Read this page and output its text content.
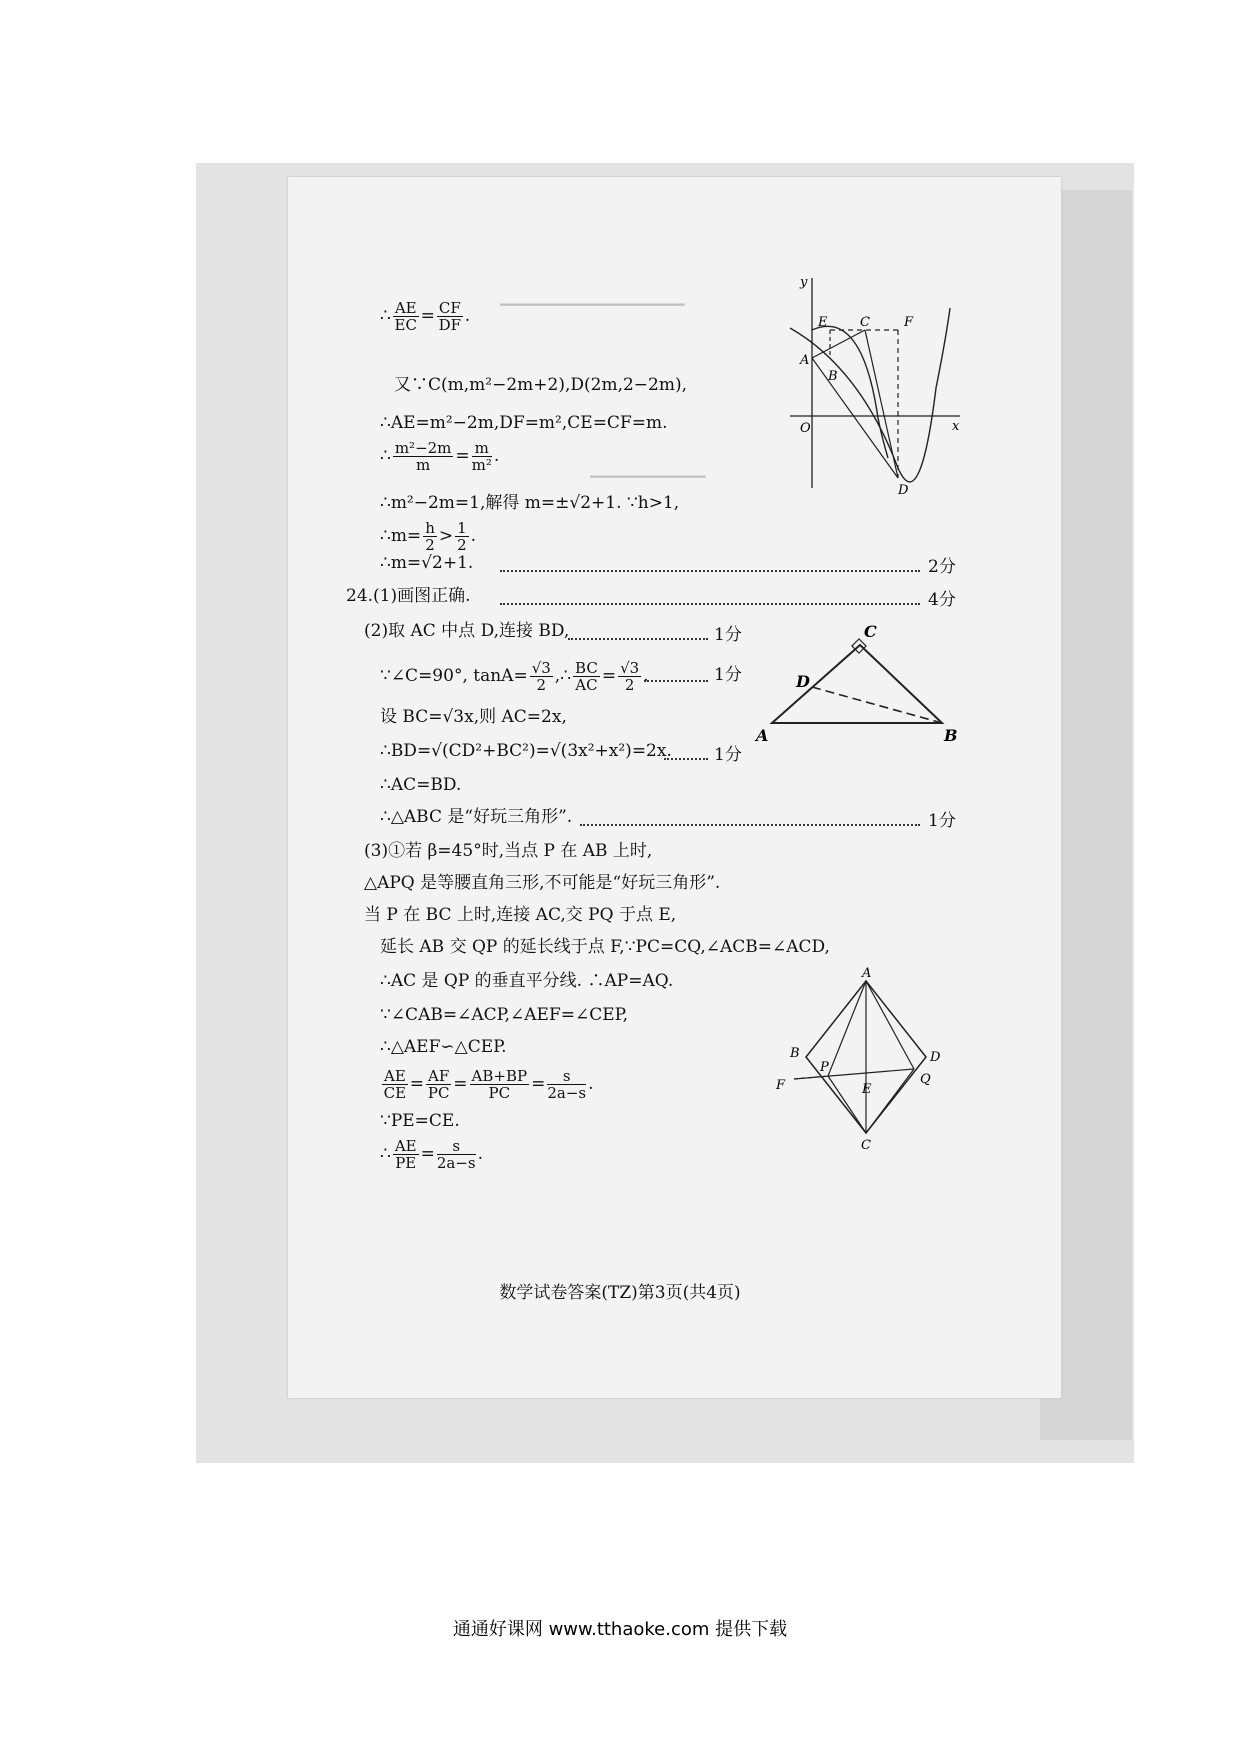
▁▁▁▁▁▁▁▁▁▁▁▁▁▁▁▁
▁▁▁▁▁▁▁▁▁▁
∴ $\frac{AE}{EC} = \frac{CF}{DF}$ .
又∵C(m,m²−2m+2),D(2m,2−2m),
∴AE=m²−2m,DF=m²,CE=CF=m.
∴ $\frac{\text{m²−2m}}{m} = \frac{m}{\text{m²}}$ .
∴m²−2m=1,解得 m=±√2+1. ∵h>1,
∴m= $\frac{h}{2} > \frac{1}{2}$ .
∴m=√2+1.	2分
24.(1)画图正确.	4分
(2)取 AC 中点 D,连接 BD,	1分
∵∠C=90°, $\tan A= \frac{√3}{2}$ ,∴ $\frac{BC}{AC} = \frac{√3}{2}$ .	1分
设 BC=√3x,则 AC=2x,
∴BD=√(CD²+BC²)=√(3x²+x²)=2x. 1分
∴AC=BD.
∴△ABC 是“好玩三角形”.	1分
(3)①若 β=45°时,当点 P 在 AB 上时,
△APQ 是等腰直角三形,不可能是“好玩三角形”.
当 P 在 BC 上时,连接 AC,交 PQ 于点 E,
延长 AB 交 QP 的延长线于点 F,∵PC=CQ,∠ACB=∠ACD,
∴AC 是 QP 的垂直平分线. ∴AP=AQ.
∵∠CAB=∠ACP,∠AEF=∠CEP,
∴△AEF∽△CEP.
$\frac{AE}{CE} = \frac{AF}{PC} = \frac{AB+BP}{PC} = \frac{s}{2a-s}$ .
∵PE=CE.
∴ $\frac{AE}{PE} = \frac{s}{2a-s}$ .
y
x
O
E	C	F
A
B
D
C
D
A	B
A
B	D
F
P
Q
E
C
数学试卷答案(TZ)第3页(共4页)
通通好课网 www.tthaoke.com 提供下载
